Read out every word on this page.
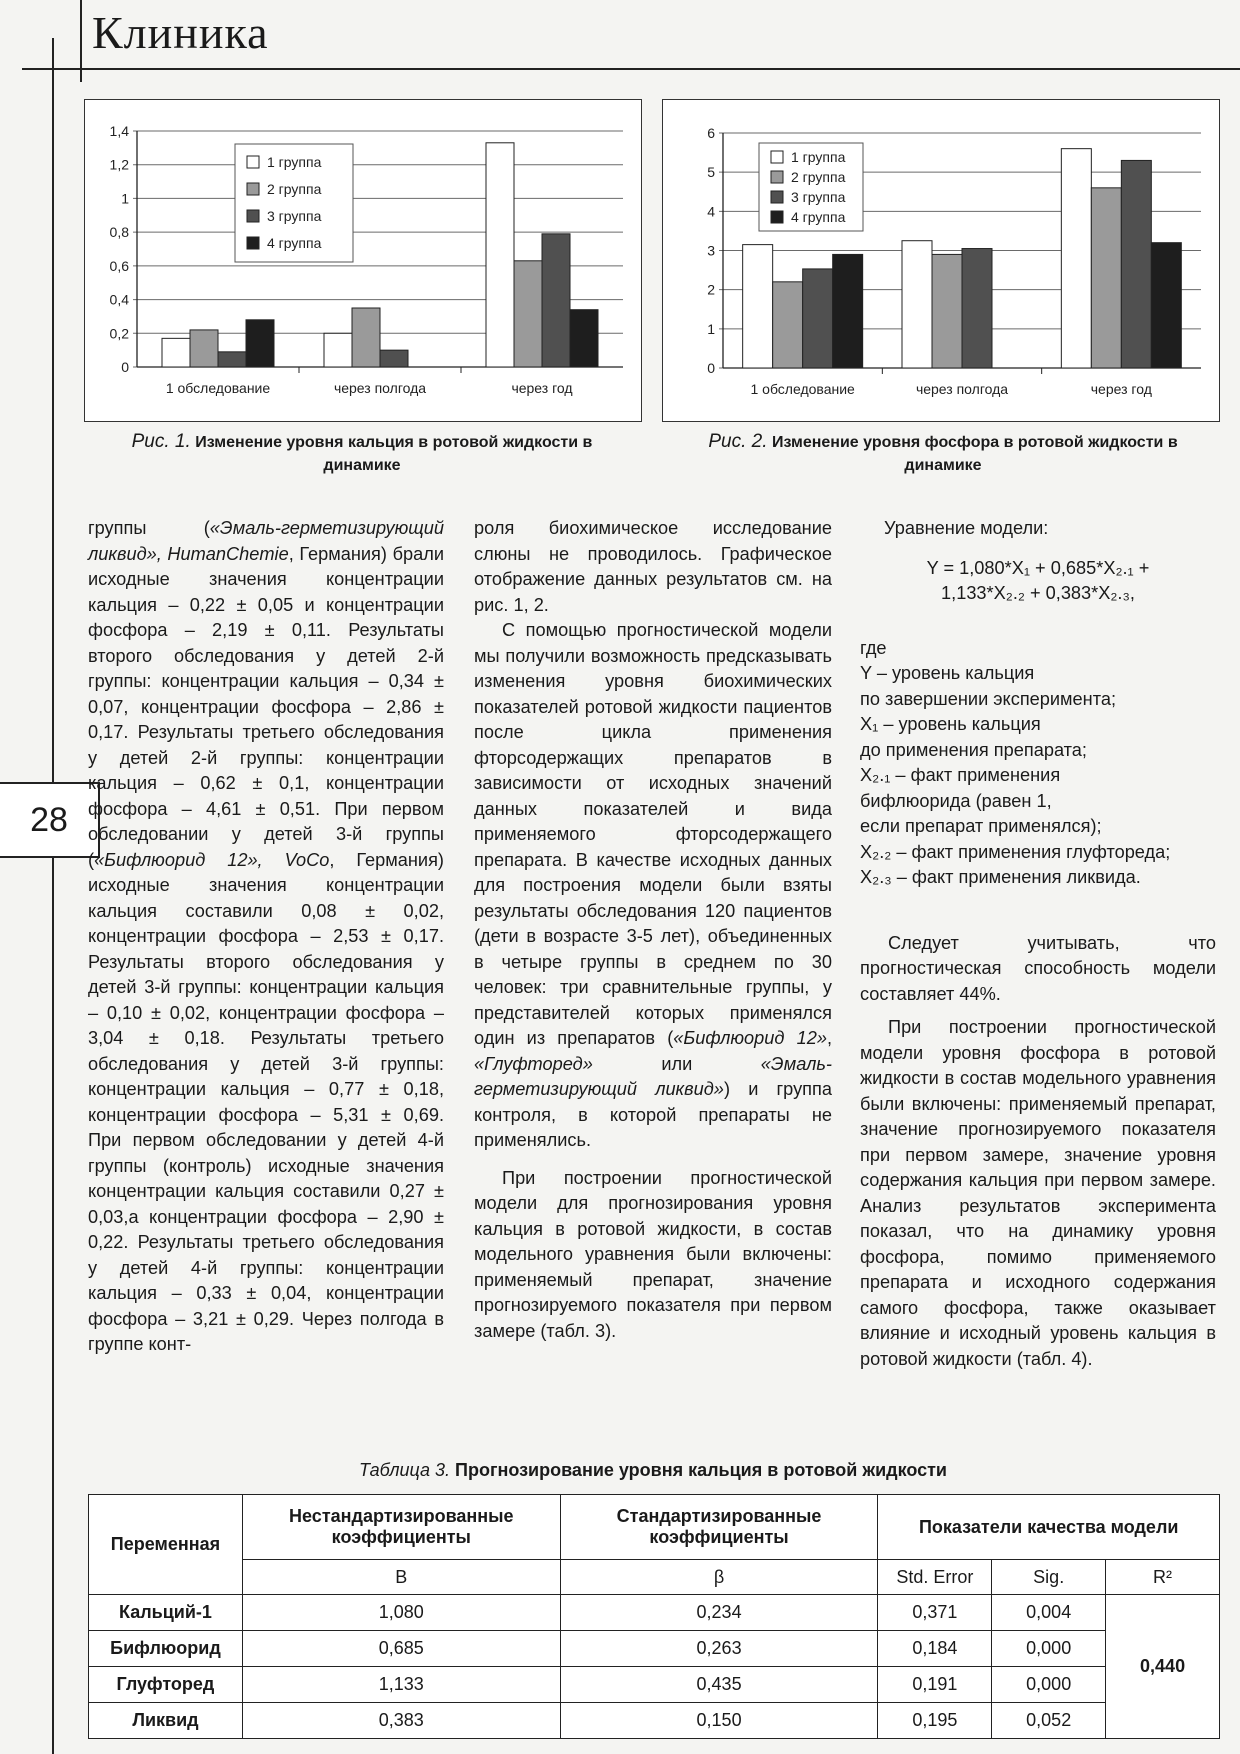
Клиника
28
0
0,2
0,4
0,6
0,8
1
1,2
1,4
1 обследование	через полгода	через год
1 группа
2 группа
3 группа
4 группа
Рис. 1. Изменение уровня кальция в ротовой жидкости в динамике
0
1
2
3
4
5
6
1 обследование	через полгода	через год
1 группа
2 группа
3 группа
4 группа
Рис. 2. Изменение уровня фосфора в ротовой жидкости в динамике

группы («Эмаль-герметизирующий ликвид», HumanChemie, Германия) брали исходные значения концентрации кальция – 0,22 ± 0,05 и концентрации фосфора – 2,19 ± 0,11. Результаты второго обследования у детей 2-й группы: концентрации кальция – 0,34 ± 0,07, концентрации фосфора – 2,86 ± 0,17. Результаты третьего обследования у детей 2-й группы: концентрации кальция – 0,62 ± 0,1, концентрации фосфора – 4,61 ± 0,51. При первом обследовании у детей 3-й группы («Бифлюорид 12», VoCo, Германия) исходные значения концентрации кальция составили 0,08 ± 0,02, концентрации фосфора – 2,53 ± 0,17. Результаты второго обследования у детей 3-й группы: концентрации кальция – 0,10 ± 0,02, концентрации фосфора – 3,04 ± 0,18. Результаты третьего обследования у детей 3-й группы: концентрации кальция – 0,77 ± 0,18, концентрации фосфора – 5,31 ± 0,69. При первом обследовании у детей 4-й группы (контроль) исходные значения концентрации кальция составили 0,27 ± 0,03,а концентрации фосфора – 2,90 ± 0,22. Результаты третьего обследования у детей 4-й группы: концентрации кальция – 0,33 ± 0,04, концентрации фосфора – 3,21 ± 0,29. Через полгода в группе конт-

роля биохимическое исследование слюны не проводилось. Графическое отображение данных результатов см. на рис. 1, 2.

С помощью прогностической модели мы получили возможность предсказывать изменения уровня биохимических показателей ротовой жидкости пациентов после цикла применения фторсодержащих препаратов в зависимости от исходных значений данных показателей и вида применяемого фторсодержащего препарата. В качестве исходных данных для построения модели были взяты результаты обследования 120 пациентов (дети в возрасте 3-5 лет), объединенных в четыре группы в среднем по 30 человек: три сравнительные группы, у представителей которых применялся один из препаратов («Бифлюорид 12», «Глуфторед» или «Эмаль-герметизирующий ликвид») и группа контроля, в которой препараты не применялись.

При построении прогностической модели для прогнозирования уровня кальция в ротовой жидкости, в состав модельного уравнения были включены: применяемый препарат, значение прогнозируемого показателя при первом замере (табл. 3).

Уравнение модели:

Y = 1,080*X₁ + 0,685*X₂.₁ +
1,133*X₂.₂ + 0,383*X₂.₃,

где

Y – уровень кальция

по завершении эксперимента;

X₁ – уровень кальция

до применения препарата;

X₂.₁ – факт применения

бифлюорида (равен 1,

если препарат применялся);

X₂.₂ – факт применения глуфтореда;

X₂.₃ – факт применения ликвида.

Следует учитывать, что прогностическая способность модели составляет 44%.

При построении прогностической модели уровня фосфора в ротовой жидкости в состав модельного уравнения были включены: применяемый препарат, значение прогнозируемого показателя при первом замере, значение уровня содержания кальция при первом замере. Анализ результатов эксперимента показал, что на динамику уровня фосфора, помимо применяемого препарата и исходного содержания самого фосфора, также оказывает влияние и исходный уровень кальция в ротовой жидкости (табл. 4).

Таблица 3. Прогнозирование уровня кальция в ротовой жидкости
Переменная	Нестандартизированные коэффициенты	Стандартизированные коэффициенты	Показатели качества модели		
	B	β	Std. Error	Sig.	R²
Кальций-1	1,080	0,234	0,371	0,004	0,440
Бифлюорид	0,685	0,263	0,184	0,000	
Глуфторед	1,133	0,435	0,191	0,000	
Ликвид	0,383	0,150	0,195	0,052	
